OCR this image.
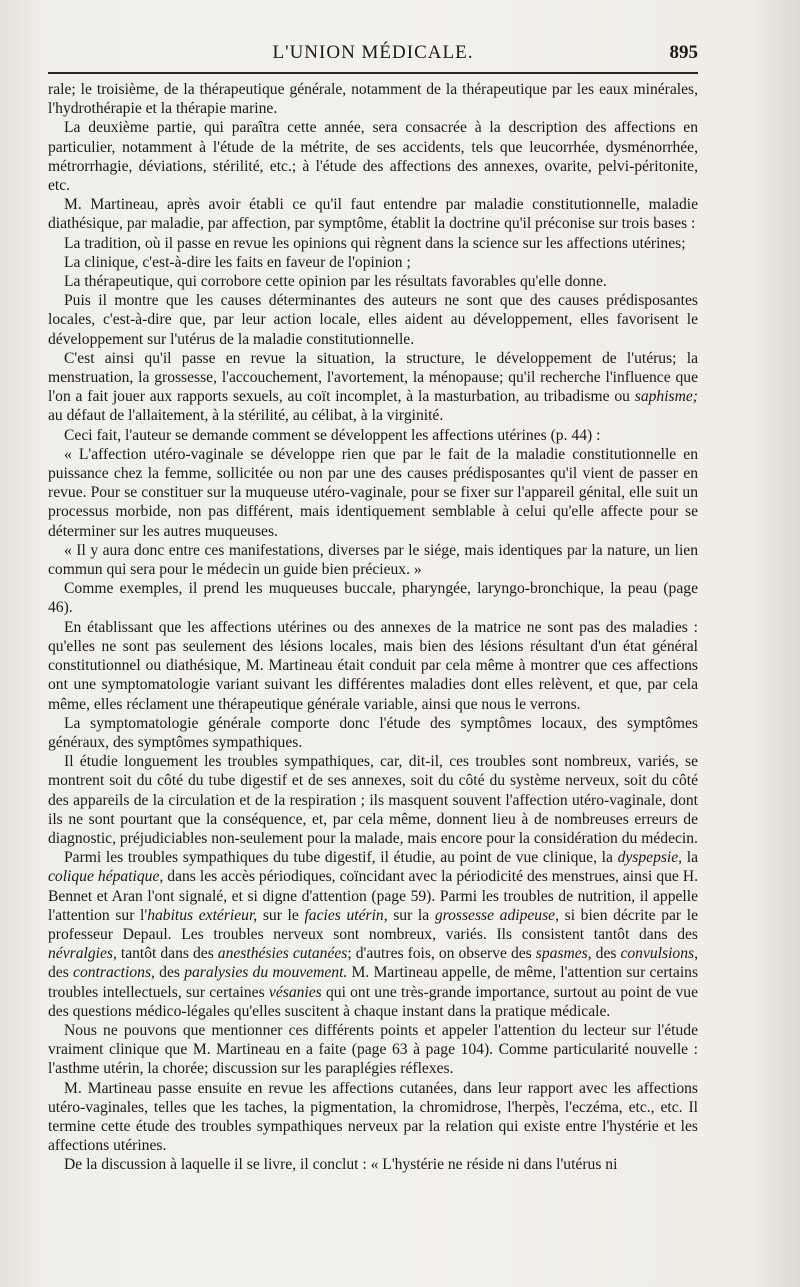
L'UNION MÉDICALE.	895

rale; le troisième, de la thérapeutique générale, notamment de la thérapeutique par les eaux minérales, l'hydrothérapie et la thérapie marine.

La deuxième partie, qui paraîtra cette année, sera consacrée à la description des affections en particulier, notamment à l'étude de la métrite, de ses accidents, tels que leucorrhée, dysménorrhée, métrorrhagie, déviations, stérilité, etc.; à l'étude des affections des annexes, ovarite, pelvi-péritonite, etc.

M. Martineau, après avoir établi ce qu'il faut entendre par maladie constitutionnelle, maladie diathésique, par maladie, par affection, par symptôme, établit la doctrine qu'il préconise sur trois bases :

La tradition, où il passe en revue les opinions qui règnent dans la science sur les affections utérines;

La clinique, c'est-à-dire les faits en faveur de l'opinion ;

La thérapeutique, qui corrobore cette opinion par les résultats favorables qu'elle donne.

Puis il montre que les causes déterminantes des auteurs ne sont que des causes prédisposantes locales, c'est-à-dire que, par leur action locale, elles aident au développement, elles favorisent le développement sur l'utérus de la maladie constitutionnelle.

C'est ainsi qu'il passe en revue la situation, la structure, le développement de l'utérus; la menstruation, la grossesse, l'accouchement, l'avortement, la ménopause; qu'il recherche l'influence que l'on a fait jouer aux rapports sexuels, au coït incomplet, à la masturbation, au tribadisme ou saphisme; au défaut de l'allaitement, à la stérilité, au célibat, à la virginité.

Ceci fait, l'auteur se demande comment se développent les affections utérines (p. 44) :

« L'affection utéro-vaginale se développe rien que par le fait de la maladie constitutionnelle en puissance chez la femme, sollicitée ou non par une des causes prédisposantes qu'il vient de passer en revue. Pour se constituer sur la muqueuse utéro-vaginale, pour se fixer sur l'appareil génital, elle suit un processus morbide, non pas différent, mais identiquement semblable à celui qu'elle affecte pour se déterminer sur les autres muqueuses.

« Il y aura donc entre ces manifestations, diverses par le siége, mais identiques par la nature, un lien commun qui sera pour le médecin un guide bien précieux. »

Comme exemples, il prend les muqueuses buccale, pharyngée, laryngo-bronchique, la peau (page 46).

En établissant que les affections utérines ou des annexes de la matrice ne sont pas des maladies : qu'elles ne sont pas seulement des lésions locales, mais bien des lésions résultant d'un état général constitutionnel ou diathésique, M. Martineau était conduit par cela même à montrer que ces affections ont une symptomatologie variant suivant les différentes maladies dont elles relèvent, et que, par cela même, elles réclament une thérapeutique générale variable, ainsi que nous le verrons.

La symptomatologie générale comporte donc l'étude des symptômes locaux, des symptômes généraux, des symptômes sympathiques.

Il étudie longuement les troubles sympathiques, car, dit-il, ces troubles sont nombreux, variés, se montrent soit du côté du tube digestif et de ses annexes, soit du côté du système nerveux, soit du côté des appareils de la circulation et de la respiration ; ils masquent souvent l'affection utéro-vaginale, dont ils ne sont pourtant que la conséquence, et, par cela même, donnent lieu à de nombreuses erreurs de diagnostic, préjudiciables non-seulement pour la malade, mais encore pour la considération du médecin.

Parmi les troubles sympathiques du tube digestif, il étudie, au point de vue clinique, la dyspepsie, la colique hépatique, dans les accès périodiques, coïncidant avec la périodicité des menstrues, ainsi que H. Bennet et Aran l'ont signalé, et si digne d'attention (page 59). Parmi les troubles de nutrition, il appelle l'attention sur l'habitus extérieur, sur le facies utérin, sur la grossesse adipeuse, si bien décrite par le professeur Depaul. Les troubles nerveux sont nombreux, variés. Ils consistent tantôt dans des névralgies, tantôt dans des anesthésies cutanées; d'autres fois, on observe des spasmes, des convulsions, des contractions, des paralysies du mouvement. M. Martineau appelle, de même, l'attention sur certains troubles intellectuels, sur certaines vésanies qui ont une très-grande importance, surtout au point de vue des questions médico-légales qu'elles suscitent à chaque instant dans la pratique médicale.

Nous ne pouvons que mentionner ces différents points et appeler l'attention du lecteur sur l'étude vraiment clinique que M. Martineau en a faite (page 63 à page 104). Comme particularité nouvelle : l'asthme utérin, la chorée; discussion sur les paraplégies réflexes.

M. Martineau passe ensuite en revue les affections cutanées, dans leur rapport avec les affections utéro-vaginales, telles que les taches, la pigmentation, la chromidrose, l'herpès, l'eczéma, etc., etc. Il termine cette étude des troubles sympathiques nerveux par la relation qui existe entre l'hystérie et les affections utérines.

De la discussion à laquelle il se livre, il conclut : « L'hystérie ne réside ni dans l'utérus ni
